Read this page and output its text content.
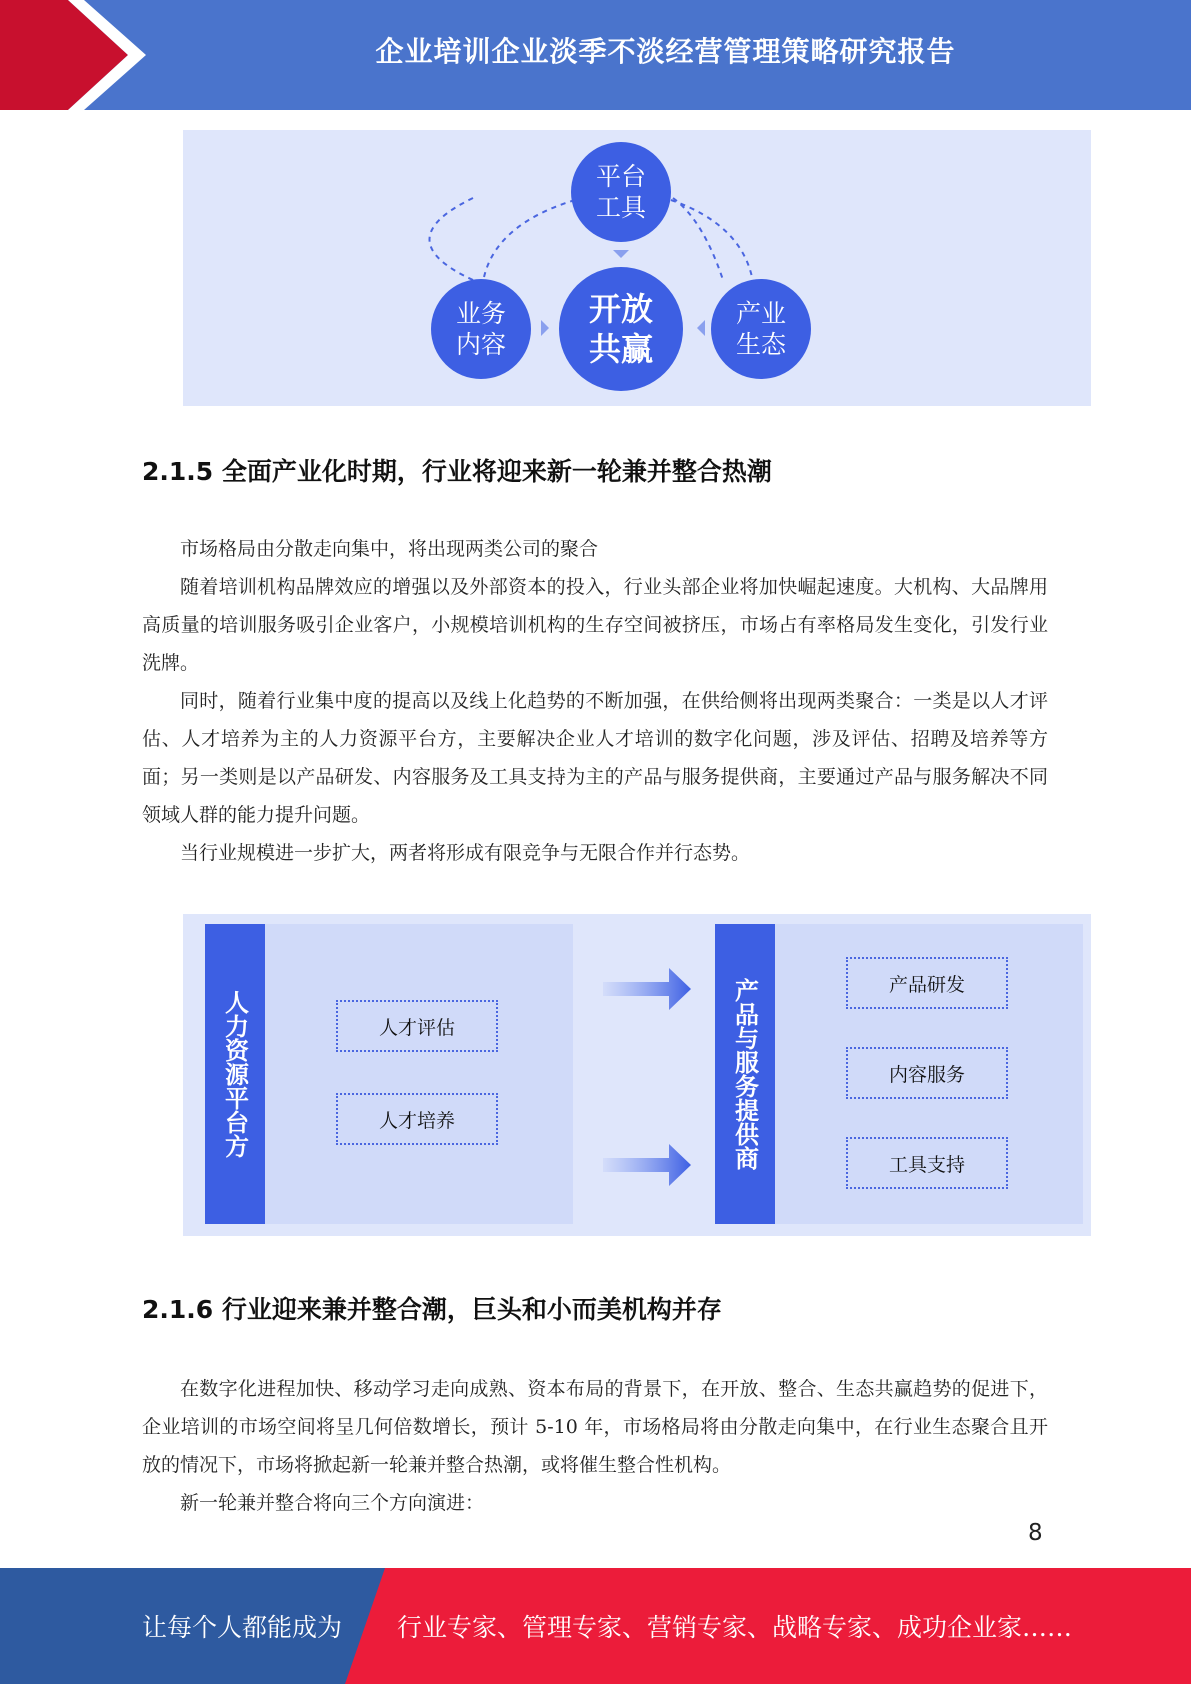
企业培训企业淡季不淡经营管理策略研究报告
平台
工具
开放
共赢
业务
内容
产业
生态
2.1.5 全面产业化时期，行业将迎来新一轮兼并整合热潮
市场格局由分散走向集中，将出现两类公司的聚合
随着培训机构品牌效应的增强以及外部资本的投入，行业头部企业将加快崛起速度。大机构、大品牌用高质量的培训服务吸引企业客户，小规模培训机构的生存空间被挤压，市场占有率格局发生变化，引发行业洗牌。
同时，随着行业集中度的提高以及线上化趋势的不断加强，在供给侧将出现两类聚合：一类是以人才评估、人才培养为主的人力资源平台方，主要解决企业人才培训的数字化问题，涉及评估、招聘及培养等方面；另一类则是以产品研发、内容服务及工具支持为主的产品与服务提供商，主要通过产品与服务解决不同领域人群的能力提升问题。
当行业规模进一步扩大，两者将形成有限竞争与无限合作并行态势。
人力资源平台方	人才评估
人才培养	产品与服务提供商	产品研发
内容服务
工具支持
2.1.6 行业迎来兼并整合潮，巨头和小而美机构并存
在数字化进程加快、移动学习走向成熟、资本布局的背景下，在开放、整合、生态共赢趋势的促进下，企业培训的市场空间将呈几何倍数增长，预计 5-10 年，市场格局将由分散走向集中，在行业生态聚合且开放的情况下，市场将掀起新一轮兼并整合热潮，或将催生整合性机构。
新一轮兼并整合将向三个方向演进：
8
让每个人都能成为 行业专家、管理专家、营销专家、战略专家、成功企业家……
